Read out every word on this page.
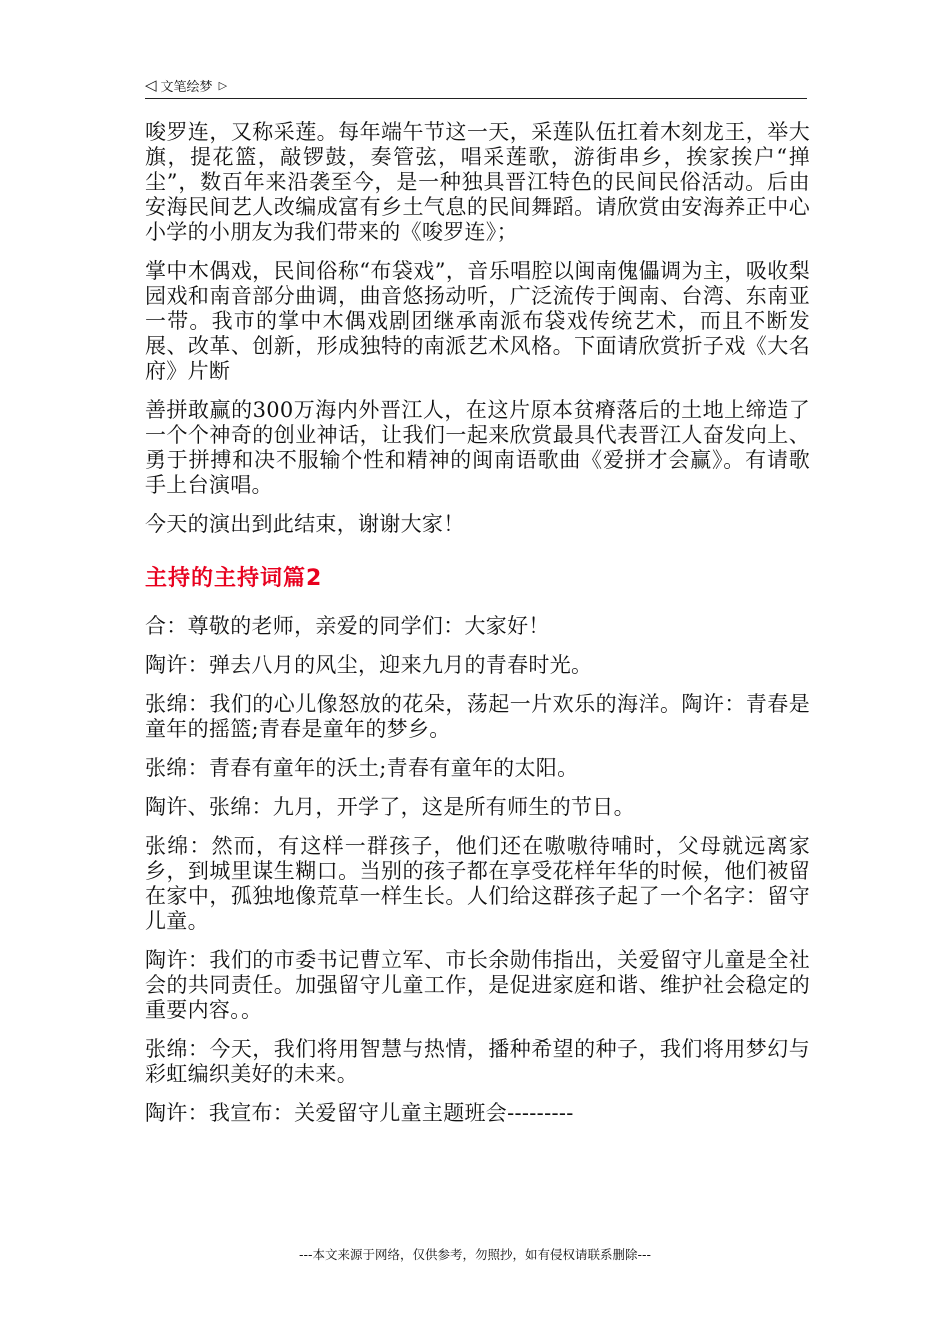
◁ 文笔绘梦 ▷

唆罗连，又称采莲。每年端午节这一天，采莲队伍扛着木刻龙王，举大旗，提花篮，敲锣鼓，奏管弦，唱采莲歌，游街串乡，挨家挨户“掸尘”，数百年来沿袭至今，是一种独具晋江特色的民间民俗活动。后由安海民间艺人改编成富有乡土气息的民间舞蹈。请欣赏由安海养正中心小学的小朋友为我们带来的《唆罗连》；

掌中木偶戏，民间俗称“布袋戏”，音乐唱腔以闽南傀儡调为主，吸收梨园戏和南音部分曲调，曲音悠扬动听，广泛流传于闽南、台湾、东南亚一带。我市的掌中木偶戏剧团继承南派布袋戏传统艺术，而且不断发展、改革、创新，形成独特的南派艺术风格。下面请欣赏折子戏《大名府》片断

善拼敢赢的300万海内外晋江人，在这片原本贫瘠落后的土地上缔造了一个个神奇的创业神话，让我们一起来欣赏最具代表晋江人奋发向上、勇于拼搏和决不服输个性和精神的闽南语歌曲《爱拼才会赢》。有请歌手上台演唱。

今天的演出到此结束，谢谢大家！

主持的主持词篇2

合：尊敬的老师，亲爱的同学们：大家好！

陶许：弹去八月的风尘，迎来九月的青春时光。

张绵：我们的心儿像怒放的花朵，荡起一片欢乐的海洋。陶许：青春是童年的摇篮;青春是童年的梦乡。

张绵：青春有童年的沃土;青春有童年的太阳。

陶许、张绵：九月，开学了，这是所有师生的节日。

张绵：然而，有这样一群孩子，他们还在嗷嗷待哺时，父母就远离家乡，到城里谋生糊口。当别的孩子都在享受花样年华的时候，他们被留在家中，孤独地像荒草一样生长。人们给这群孩子起了一个名字：留守儿童。

陶许：我们的市委书记曹立军、市长余勋伟指出，关爱留守儿童是全社会的共同责任。加强留守儿童工作，是促进家庭和谐、维护社会稳定的重要内容。。

张绵：今天，我们将用智慧与热情，播种希望的种子，我们将用梦幻与彩虹编织美好的未来。

陶许：我宣布：关爱留守儿童主题班会---------

---本文来源于网络，仅供参考，勿照抄，如有侵权请联系删除---
